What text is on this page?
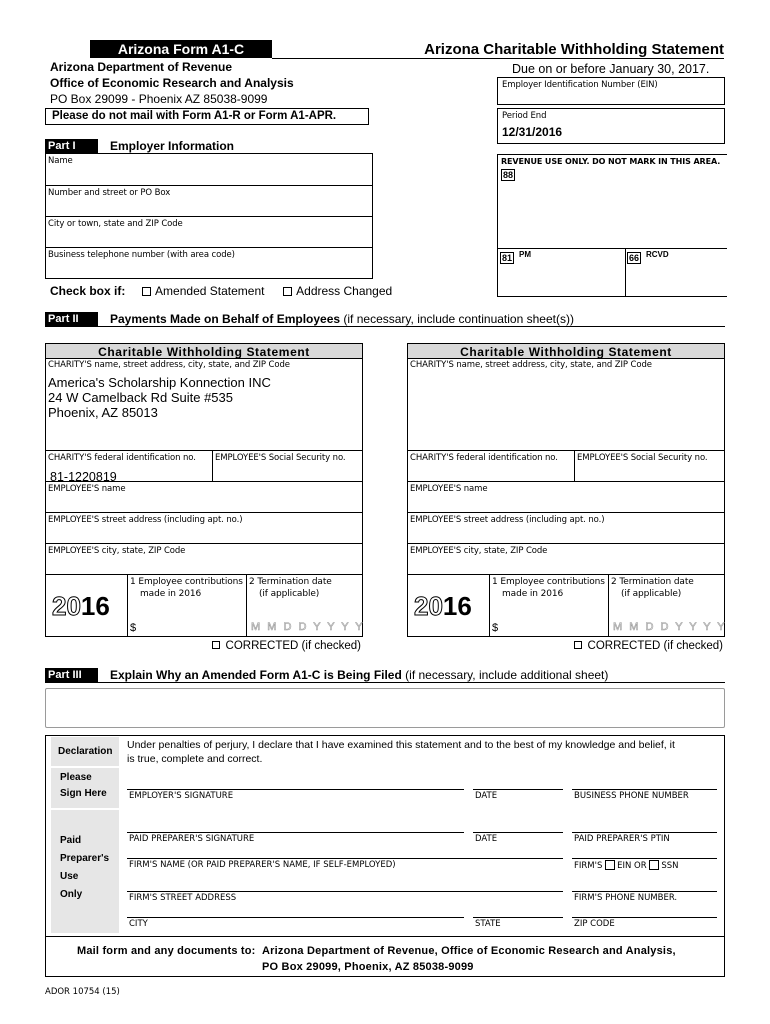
Arizona Form A1-C	Arizona Charitable Withholding Statement
Arizona Department of Revenue
Office of Economic Research and Analysis
PO Box 29099 - Phoenix AZ 85038-9099
Please do not mail with Form A1-R or Form A1-APR.
Due on or before January 30, 2017.
Employer Identification Number (EIN)
Period End
12/31/2016
Part I	Employer Information
Name
Number and street or PO Box
City or town, state and ZIP Code
Business telephone number (with area code)
Check box if: Amended Statement	Address Changed
REVENUE USE ONLY. DO NOT MARK IN THIS AREA.
88
81 PM	66 RCVD
Part II	Payments Made on Behalf of Employees (if necessary, include continuation sheet(s))
Charitable Withholding Statement
CHARITY'S name, street address, city, state, and ZIP Code
America's Scholarship Konnection INC
24 W Camelback Rd Suite #535
Phoenix, AZ 85013
CHARITY'S federal identification no.
81-1220819
EMPLOYEE'S Social Security no.
EMPLOYEE'S name
EMPLOYEE'S street address (including apt. no.)
EMPLOYEE'S city, state, ZIP Code
2016
1 Employee contributions
made in 2016
$
2 Termination date
(if applicable)
M M D D Y Y Y Y
CORRECTED (if checked)
Charitable Withholding Statement
CHARITY'S name, street address, city, state, and ZIP Code
CHARITY'S federal identification no. EMPLOYEE'S Social Security no.
EMPLOYEE'S name
EMPLOYEE'S street address (including apt. no.)
EMPLOYEE'S city, state, ZIP Code
2016
1 Employee contributions
made in 2016
$
2 Termination date
(if applicable)
M M D D Y Y Y Y
CORRECTED (if checked)
Part III	Explain Why an Amended Form A1-C is Being Filed (if necessary, include additional sheet)
Declaration
Please
Sign Here
Paid
Preparer's
Use
Only
Under penalties of perjury, I declare that I have examined this statement and to the best of my knowledge and belief, it
is true, complete and correct.
EMPLOYER'S SIGNATURE	DATE	BUSINESS PHONE NUMBER
PAID PREPARER'S SIGNATURE	DATE	PAID PREPARER'S PTIN
FIRM'S NAME (OR PAID PREPARER'S NAME, IF SELF-EMPLOYED)	FIRM'S EIN OR SSN
FIRM'S STREET ADDRESS	FIRM'S PHONE NUMBER.
CITY	STATE	ZIP CODE
Mail form and any documents to: Arizona Department of Revenue, Office of Economic Research and Analysis,
PO Box 29099, Phoenix, AZ 85038-9099
ADOR 10754 (15)
